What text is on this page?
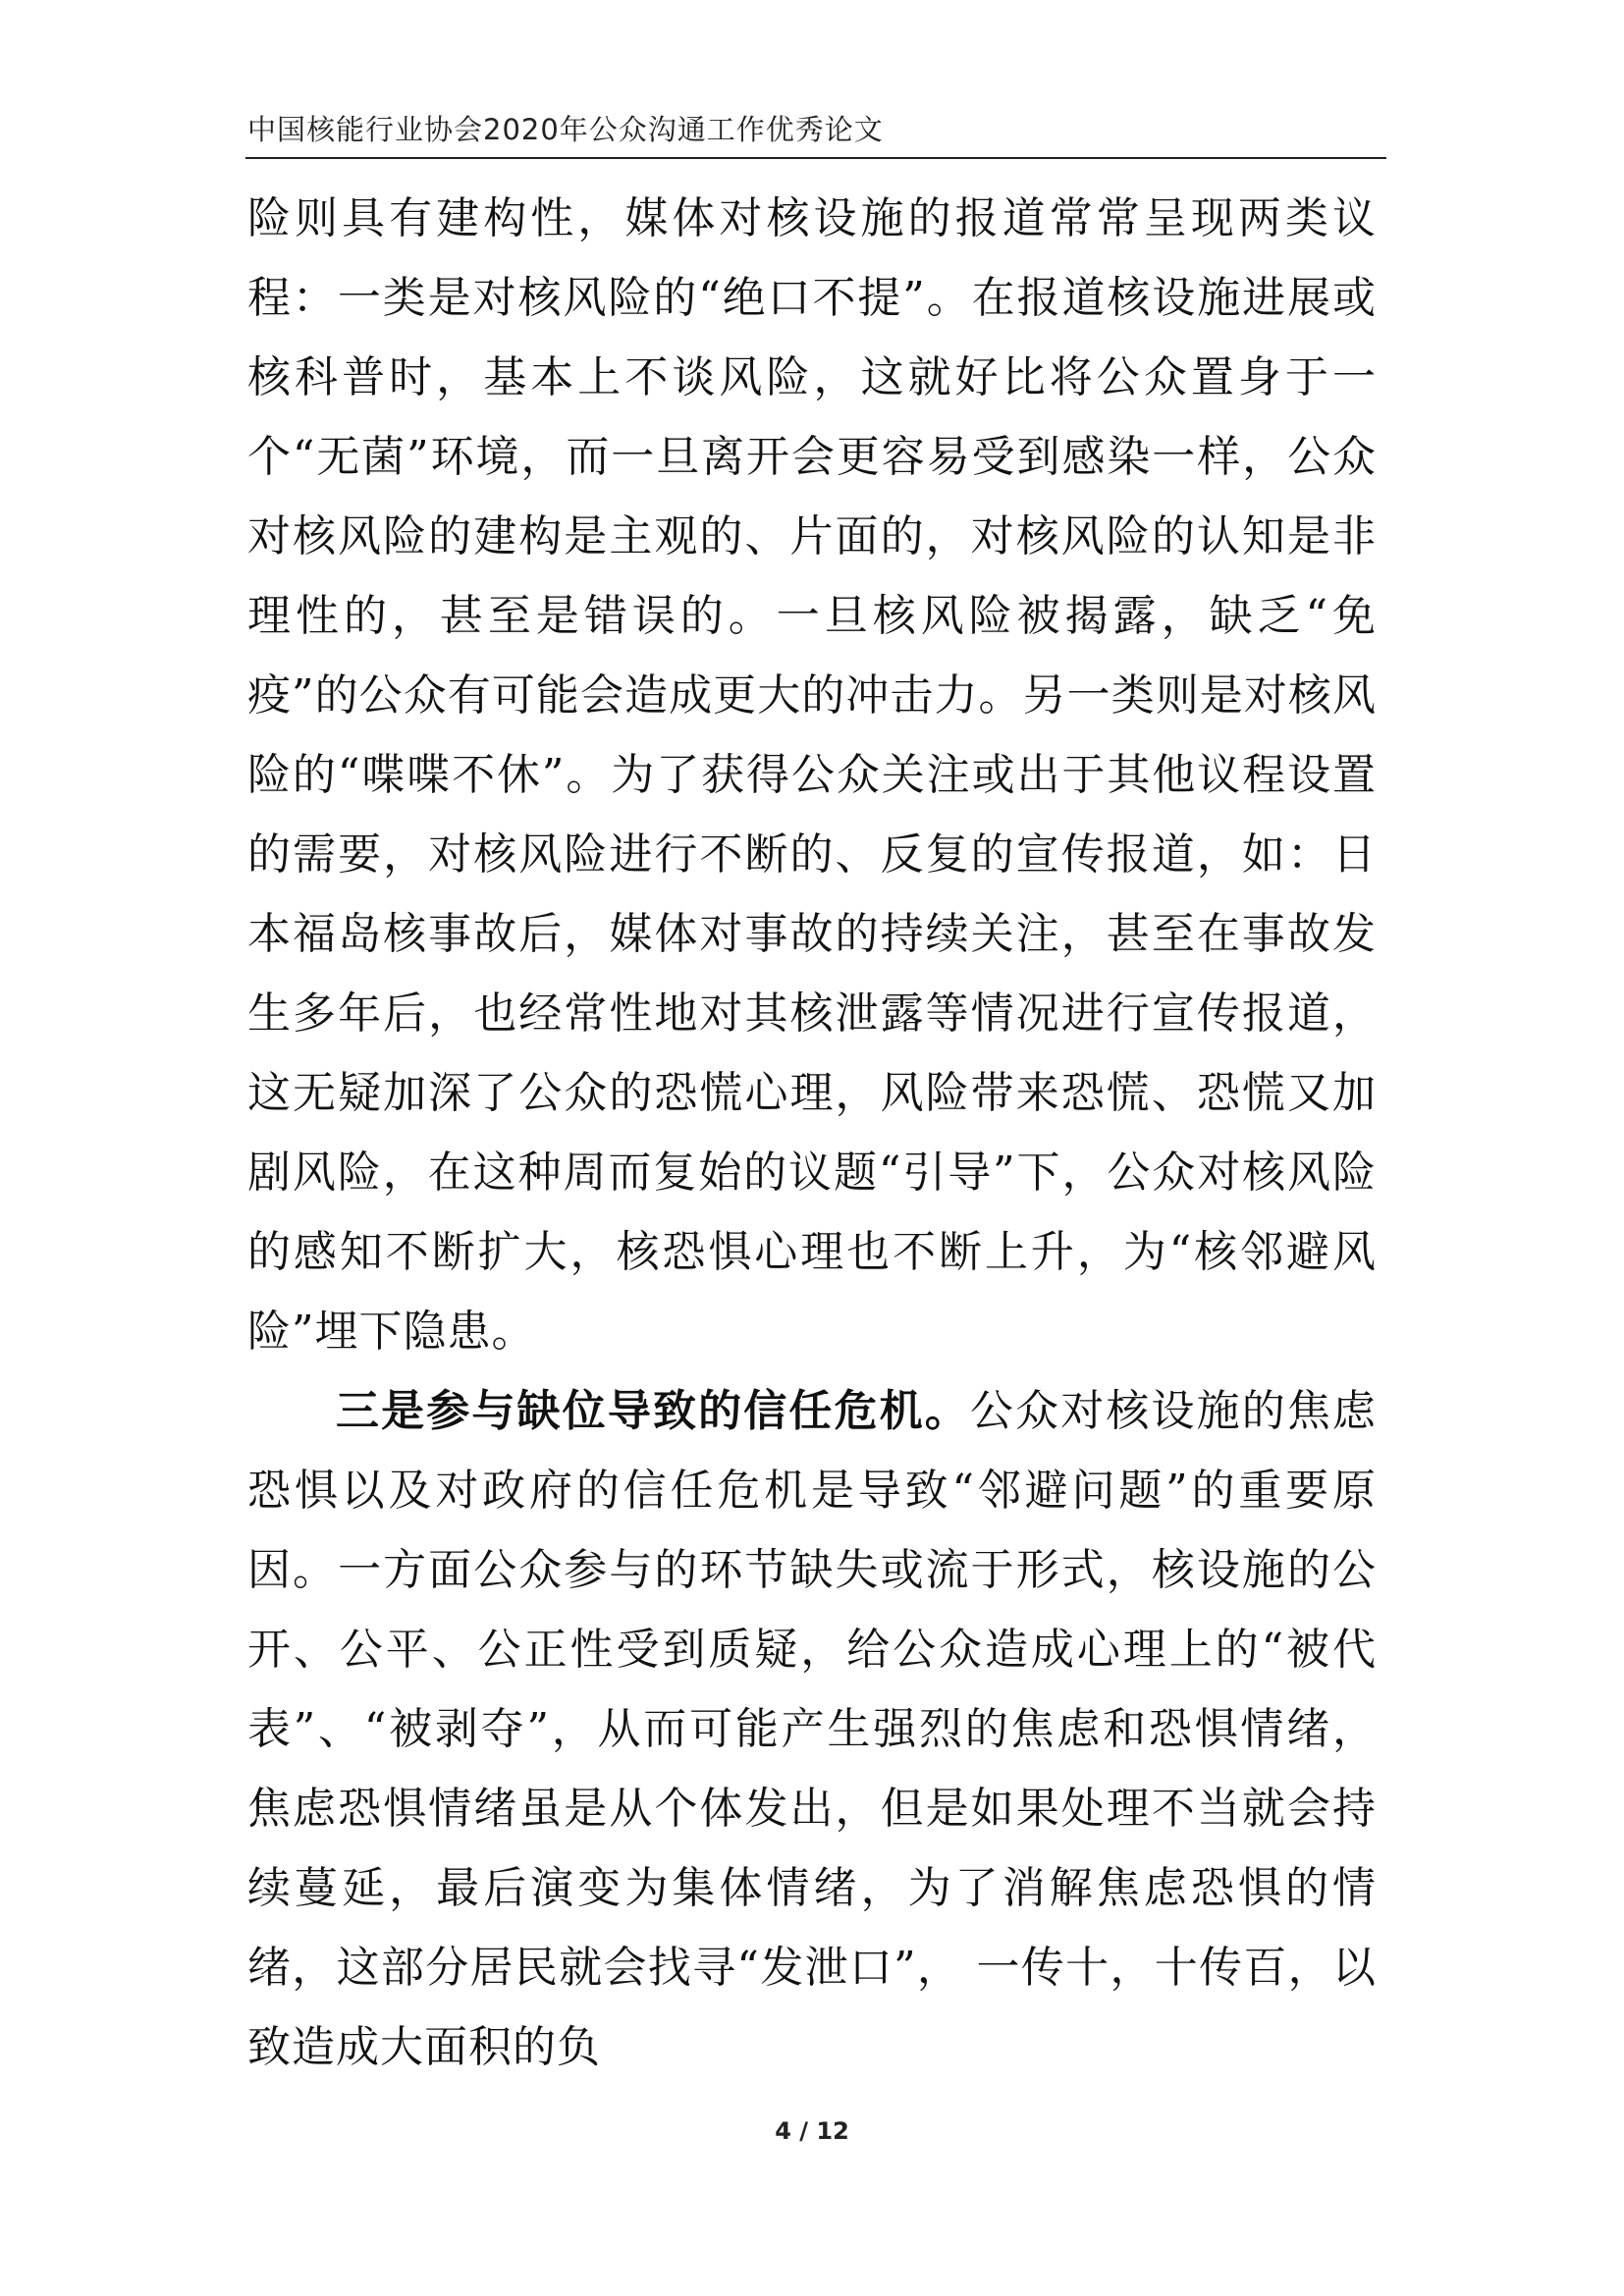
中国核能行业协会2020年公众沟通工作优秀论文

险则具有建构性，媒体对核设施的报道常常呈现两类议程：一类是对核风险的“绝口不提”。在报道核设施进展或核科普时，基本上不谈风险，这就好比将公众置身于一个“无菌”环境，而一旦离开会更容易受到感染一样，公众对核风险的建构是主观的、片面的，对核风险的认知是非理性的，甚至是错误的。一旦核风险被揭露，缺乏“免疫”的公众有可能会造成更大的冲击力。另一类则是对核风险的“喋喋不休”。为了获得公众关注或出于其他议程设置的需要，对核风险进行不断的、反复的宣传报道，如：日本福岛核事故后，媒体对事故的持续关注，甚至在事故发生多年后，也经常性地对其核泄露等情况进行宣传报道，这无疑加深了公众的恐慌心理，风险带来恐慌、恐慌又加剧风险，在这种周而复始的议题“引导”下，公众对核风险的感知不断扩大，核恐惧心理也不断上升，为“核邻避风险”埋下隐患。

三是参与缺位导致的信任危机。公众对核设施的焦虑恐惧以及对政府的信任危机是导致“邻避问题”的重要原因。一方面公众参与的环节缺失或流于形式，核设施的公开、公平、公正性受到质疑，给公众造成心理上的“被代表”、“被剥夺”，从而可能产生强烈的焦虑和恐惧情绪，焦虑恐惧情绪虽是从个体发出，但是如果处理不当就会持续蔓延，最后演变为集体情绪，为了消解焦虑恐惧的情绪，这部分居民就会找寻“发泄口”， 一传十，十传百，以致造成大面积的负

4 / 12
